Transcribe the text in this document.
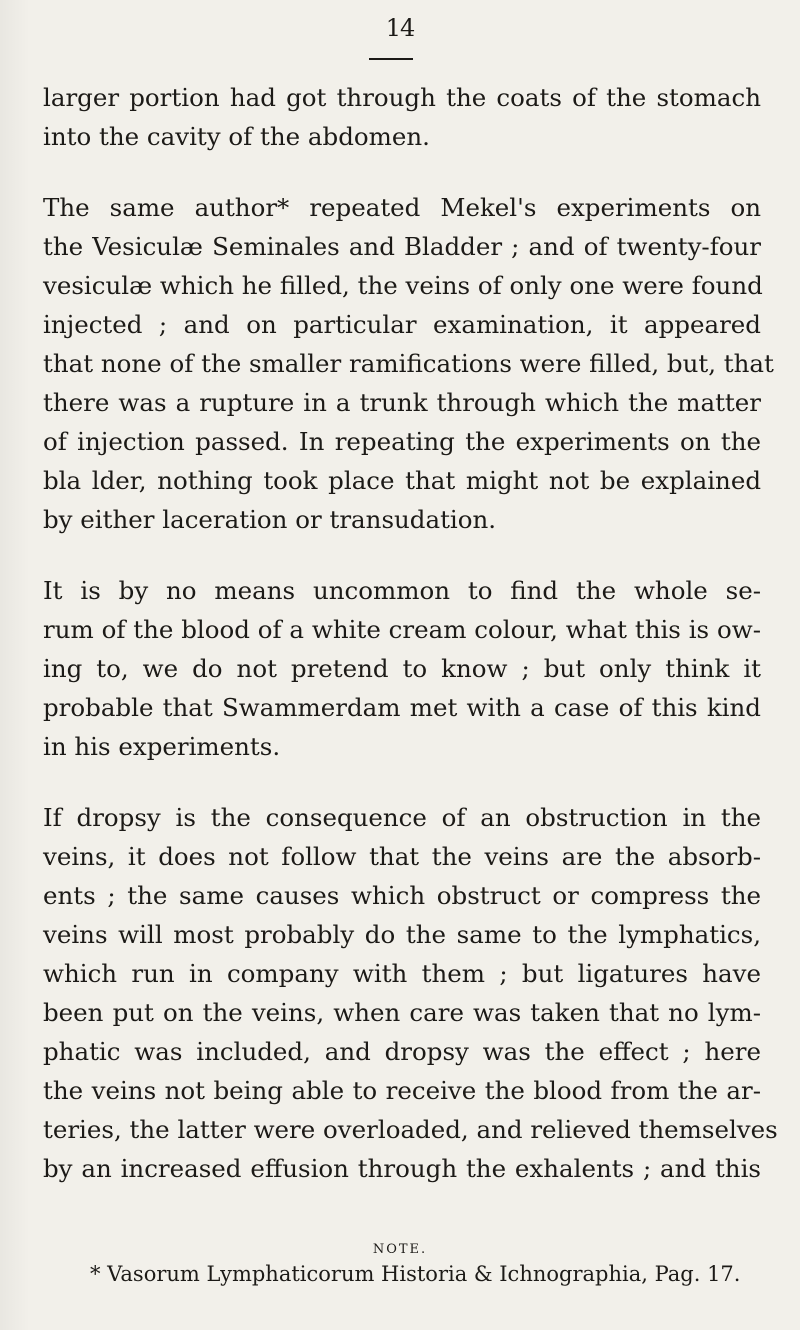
14
larger portion had got through the coats of the stomach
into the cavity of the abdomen.
The same author* repeated Mekel's experiments on
the Vesiculæ Seminales and Bladder ; and of twenty-four
vesiculæ which he filled, the veins of only one were found
injected ; and on particular examination, it appeared
that none of the smaller ramifications were filled, but, that
there was a rupture in a trunk through which the matter
of injection passed. In repeating the experiments on the
bla lder, nothing took place that might not be explained
by either laceration or transudation.
It is by no means uncommon to find the whole se-
rum of the blood of a white cream colour, what this is ow-
ing to, we do not pretend to know ; but only think it
probable that Swammerdam met with a case of this kind
in his experiments.
If dropsy is the consequence of an obstruction in the
veins, it does not follow that the veins are the absorb-
ents ; the same causes which obstruct or compress the
veins will most probably do the same to the lymphatics,
which run in company with them ; but ligatures have
been put on the veins, when care was taken that no lym-
phatic was included, and dropsy was the effect ; here
the veins not being able to receive the blood from the ar-
teries, the latter were overloaded, and relieved themselves
by an increased effusion through the exhalents ; and this
NOTE.
* Vasorum Lymphaticorum Historia & Ichnographia, Pag. 17.
